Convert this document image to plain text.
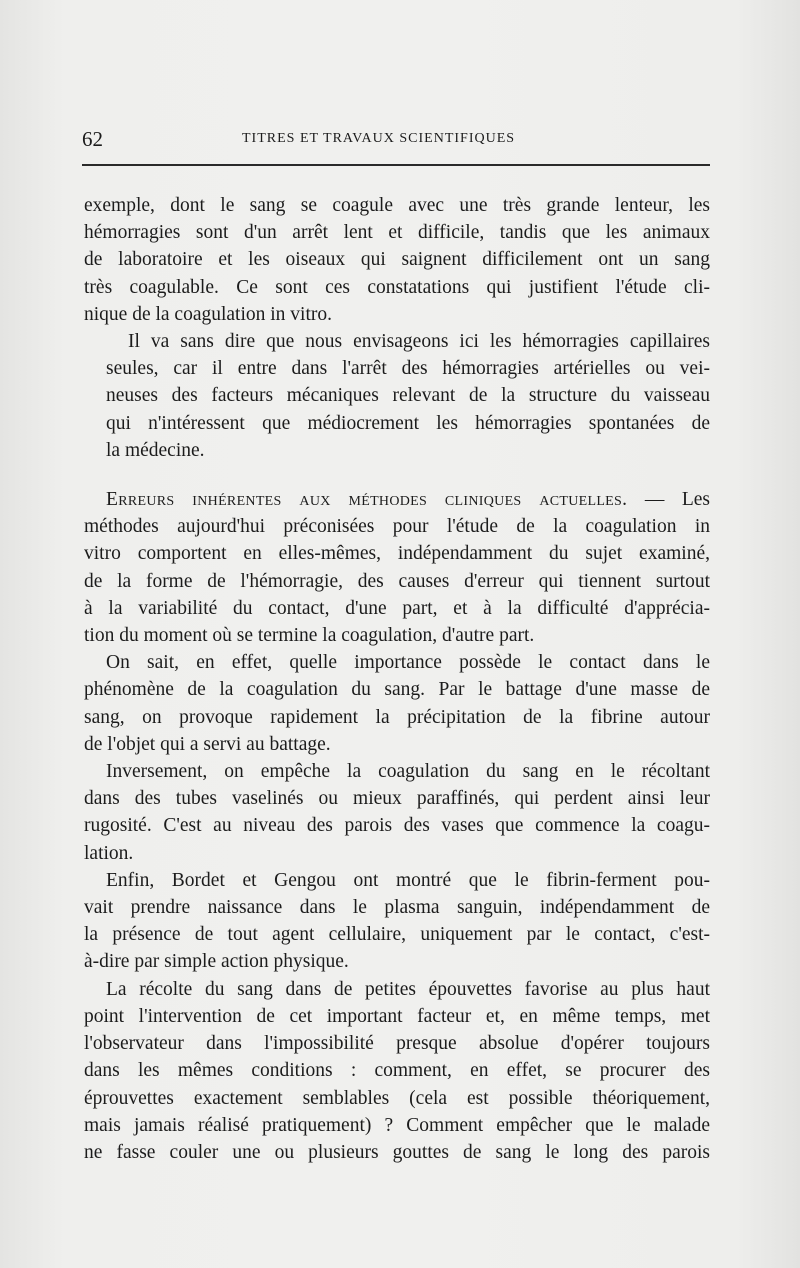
62	TITRES ET TRAVAUX SCIENTIFIQUES

exemple, dont le sang se coagule avec une très grande lenteur, les
hémorragies sont d'un arrêt lent et difficile, tandis que les animaux
de laboratoire et les oiseaux qui saignent difficilement ont un sang
très coagulable. Ce sont ces constatations qui justifient l'étude cli-
nique de la coagulation in vitro.

Il va sans dire que nous envisageons ici les hémorragies capillaires
seules, car il entre dans l'arrêt des hémorragies artérielles ou vei-
neuses des facteurs mécaniques relevant de la structure du vaisseau
qui n'intéressent que médiocrement les hémorragies spontanées de
la médecine.

Erreurs inhérentes aux méthodes cliniques actuelles. — Les
méthodes aujourd'hui préconisées pour l'étude de la coagulation in
vitro comportent en elles-mêmes, indépendamment du sujet examiné,
de la forme de l'hémorragie, des causes d'erreur qui tiennent surtout
à la variabilité du contact, d'une part, et à la difficulté d'apprécia-
tion du moment où se termine la coagulation, d'autre part.

On sait, en effet, quelle importance possède le contact dans le
phénomène de la coagulation du sang. Par le battage d'une masse de
sang, on provoque rapidement la précipitation de la fibrine autour
de l'objet qui a servi au battage.

Inversement, on empêche la coagulation du sang en le récoltant
dans des tubes vaselinés ou mieux paraffinés, qui perdent ainsi leur
rugosité. C'est au niveau des parois des vases que commence la coagu-
lation.

Enfin, Bordet et Gengou ont montré que le fibrin-ferment pou-
vait prendre naissance dans le plasma sanguin, indépendamment de
la présence de tout agent cellulaire, uniquement par le contact, c'est-
à-dire par simple action physique.

La récolte du sang dans de petites épouvettes favorise au plus haut
point l'intervention de cet important facteur et, en même temps, met
l'observateur dans l'impossibilité presque absolue d'opérer toujours
dans les mêmes conditions : comment, en effet, se procurer des
éprouvettes exactement semblables (cela est possible théoriquement,
mais jamais réalisé pratiquement) ? Comment empêcher que le malade
ne fasse couler une ou plusieurs gouttes de sang le long des parois
